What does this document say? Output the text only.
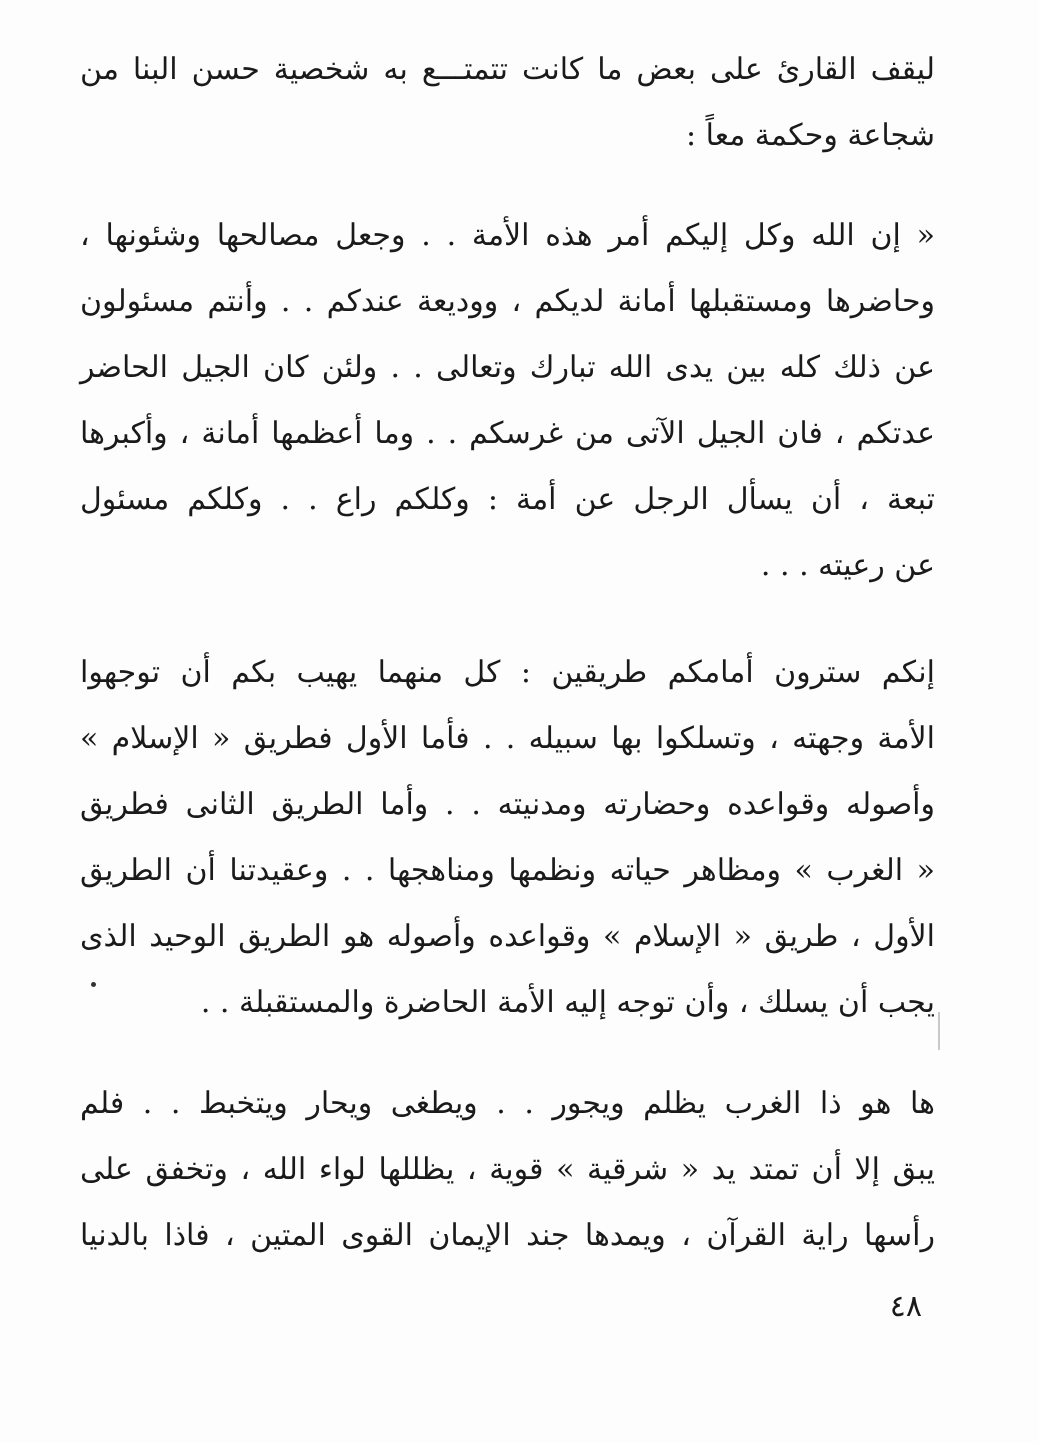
ليقف القارئ على بعض ما كانت تتمتـــع به شخصية حسن البنا من
شجاعة وحكمة معاً :
« إن الله وكل إليكم أمر هذه الأمة . . وجعل مصالحها وشئونها ،
وحاضرها ومستقبلها أمانة لديكم ، ووديعة عندكم . . وأنتم مسئولون
عن ذلك كله بين يدى الله تبارك وتعالى . . ولئن كان الجيل الحاضر
عدتكم ، فان الجيل الآتى من غرسكم . . وما أعظمها أمانة ، وأكبرها
تبعة ، أن يسأل الرجل عن أمة : وكلكم راع . . وكلكم مسئول
عن رعيته . . .
إنكم سترون أمامكم طريقين : كل منهما يهيب بكم أن توجهوا
الأمة وجهته ، وتسلكوا بها سبيله . . فأما الأول فطريق « الإسلام »
وأصوله وقواعده وحضارته ومدنيته . . وأما الطريق الثانى فطريق
« الغرب » ومظاهر حياته ونظمها ومناهجها . . وعقيدتنا أن الطريق
الأول ، طريق « الإسلام » وقواعده وأصوله هو الطريق الوحيد الذى
يجب أن يسلك ، وأن توجه إليه الأمة الحاضرة والمستقبلة . .
ها هو ذا الغرب يظلم ويجور . . ويطغى ويحار ويتخبط . . فلم
يبق إلا أن تمتد يد « شرقية » قوية ، يظللها لواء الله ، وتخفق على
رأسها راية القرآن ، ويمدها جند الإيمان القوى المتين ، فاذا بالدنيا
٤٨
